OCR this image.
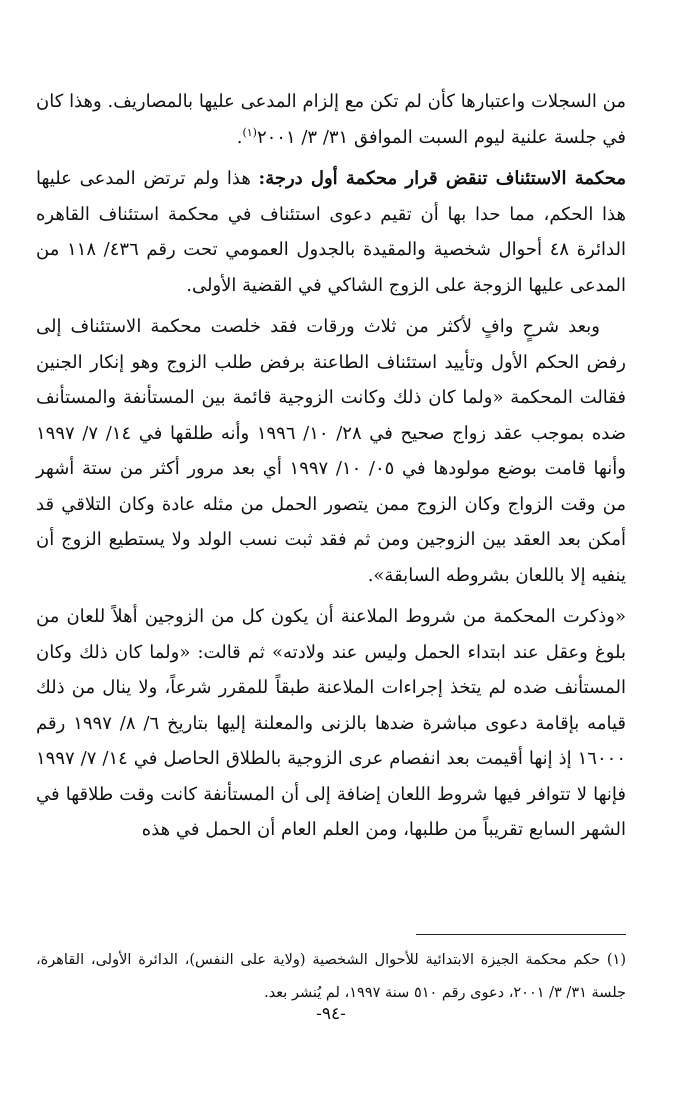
من السجلات واعتبارها كأن لم تكن مع إلزام المدعى عليها بالمصاريف. وهذا كان في جلسة علنية ليوم السبت الموافق ٣١/ ٣/ ٢٠٠١$^{(١)}$.

محكمة الاستئناف تنقض قرار محكمة أول درجة: هذا ولم ترتض المدعى عليها هذا الحكم، مما حدا بها أن تقيم دعوى استئناف في محكمة استئناف القاهره الدائرة ٤٨ أحوال شخصية والمقيدة بالجدول العمومي تحت رقم ٤٣٦/ ١١٨ من المدعى عليها الزوجة على الزوج الشاكي في القضية الأولى.

وبعد شرحٍ وافٍ لأكثر من ثلاث ورقات فقد خلصت محكمة الاستئناف إلى رفض الحكم الأول وتأييد استئناف الطاعنة برفض طلب الزوج وهو إنكار الجنين فقالت المحكمة «ولما كان ذلك وكانت الزوجية قائمة بين المستأنفة والمستأنف ضده بموجب عقد زواج صحيح في ٢٨/ ١٠/ ١٩٩٦ وأنه طلقها في ١٤/ ٧/ ١٩٩٧ وأنها قامت بوضع مولودها في ٠٥/ ١٠/ ١٩٩٧ أي بعد مرور أكثر من ستة أشهر من وقت الزواج وكان الزوج ممن يتصور الحمل من مثله عادة وكان التلاقي قد أمكن بعد العقد بين الزوجين ومن ثم فقد ثبت نسب الولد ولا يستطيع الزوج أن ينفيه إلا باللعان بشروطه السابقة».

«وذكرت المحكمة من شروط الملاعنة أن يكون كل من الزوجين أهلاً للعان من بلوغ وعقل عند ابتداء الحمل وليس عند ولادته» ثم قالت: «ولما كان ذلك وكان المستأنف ضده لم يتخذ إجراءات الملاعنة طبقاً للمقرر شرعاً، ولا ينال من ذلك قيامه بإقامة دعوى مباشرة ضدها بالزنى والمعلنة إليها بتاريخ ٦/ ٨/ ١٩٩٧ رقم ١٦٠٠٠ إذ إنها أقيمت بعد انفصام عرى الزوجية بالطلاق الحاصل في ١٤/ ٧/ ١٩٩٧ فإنها لا تتوافر فيها شروط اللعان إضافة إلى أن المستأنفة كانت وقت طلاقها في الشهر السابع تقريباً من طلبها، ومن العلم العام أن الحمل في هذه

(١) حكم محكمة الجيزة الابتدائية للأحوال الشخصية (ولاية على النفس)، الدائرة الأولى، القاهرة، جلسة ٣١/ ٣/ ٢٠٠١، دعوى رقم ٥١٠ سنة ١٩٩٧، لم يُنشر بعد.

-٩٤-
